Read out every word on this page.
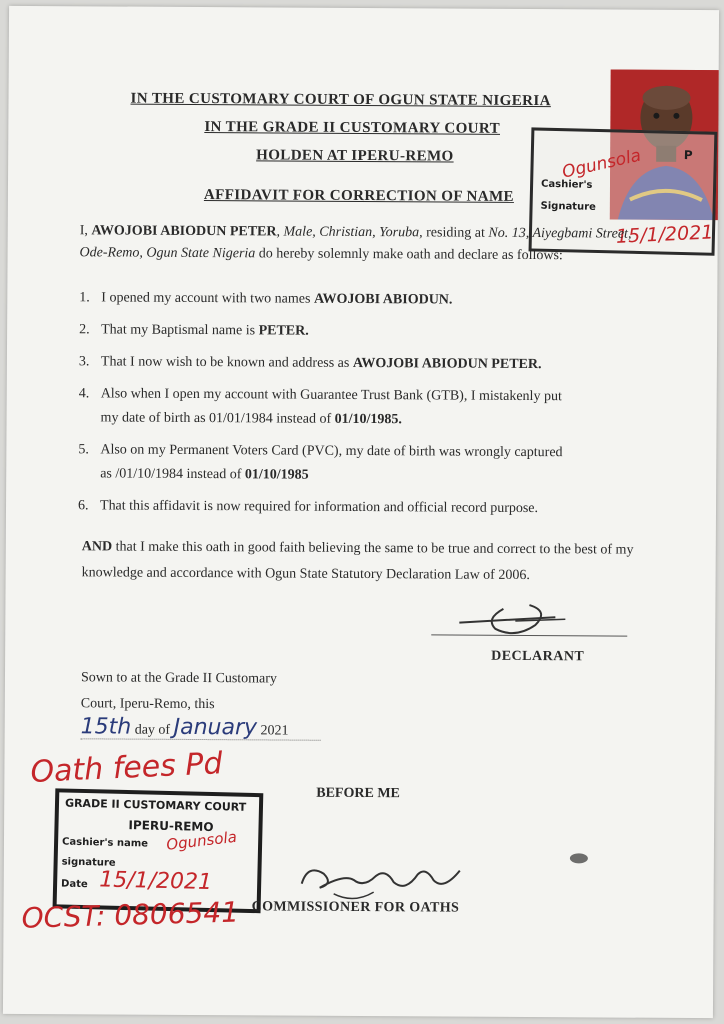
IN THE CUSTOMARY COURT OF OGUN STATE NIGERIA
IN THE GRADE II CUSTOMARY COURT
HOLDEN AT IPERU-REMO
AFFIDAVIT FOR CORRECTION OF NAME
P
Cashier's
Signature
Ogunsola
15/1/2021
I, AWOJOBI ABIODUN PETER, Male, Christian, Yoruba, residing at No. 13, Aiyegbami Street, Ode-Remo, Ogun State Nigeria do hereby solemnly make oath and declare as follows:
1. I opened my account with two names AWOJOBI ABIODUN.
2. That my Baptismal name is PETER.
3. That I now wish to be known and address as AWOJOBI ABIODUN PETER.
4. Also when I open my account with Guarantee Trust Bank (GTB), I mistakenly put
my date of birth as 01/01/1984 instead of 01/10/1985.
5. Also on my Permanent Voters Card (PVC), my date of birth was wrongly captured
as /01/10/1984 instead of 01/10/1985
6. That this affidavit is now required for information and official record purpose.
AND that I make this oath in good faith believing the same to be true and correct to the best of my knowledge and accordance with Ogun State Statutory Declaration Law of 2006.
DECLARANT
Sown to at the Grade II Customary
Court, Iperu-Remo, this
15th day of January 2021
Oath fees Pd
BEFORE ME
GRADE II CUSTOMARY COURT
IPERU-REMO
Cashier's name
signature
Date
Ogunsola
15/1/2021
OCST: 0806541 COMMISSIONER FOR OATHS
